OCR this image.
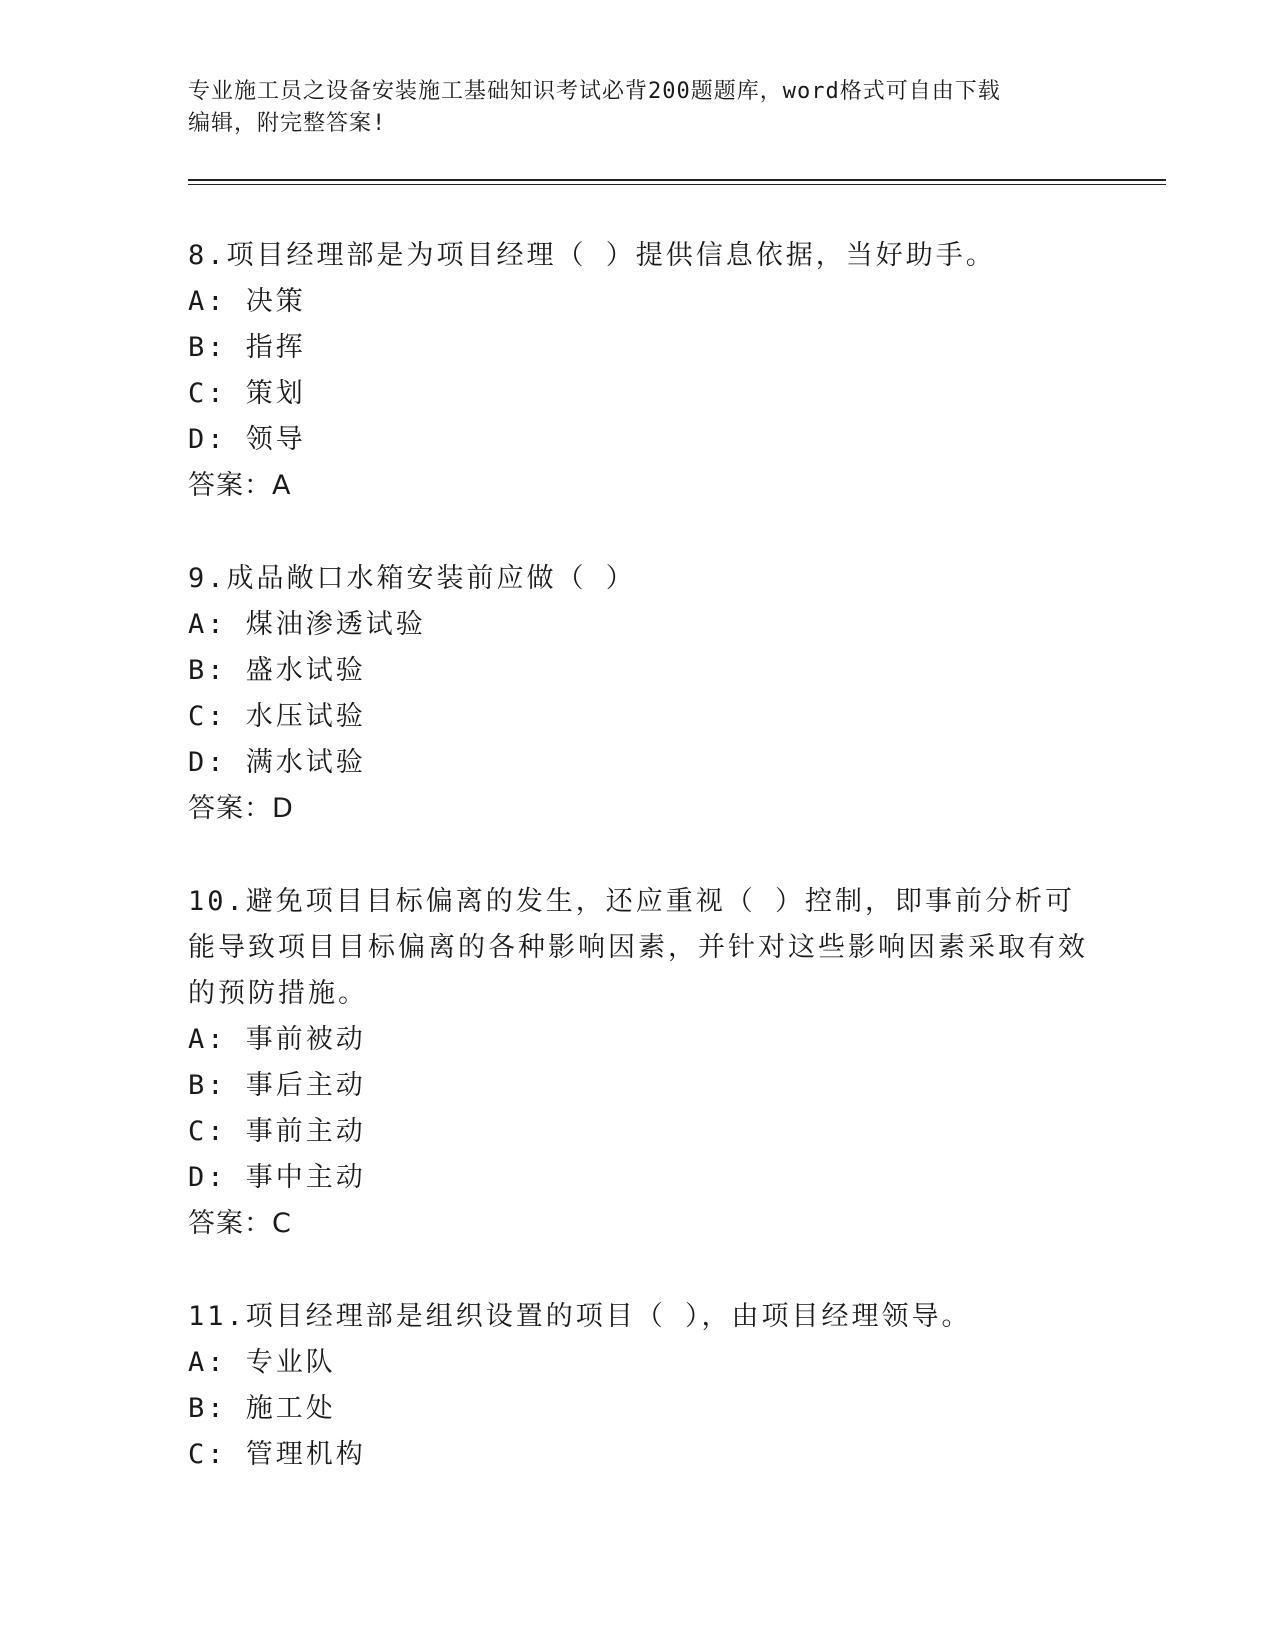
专业施工员之设备安装施工基础知识考试必背200题题库，word格式可自由下载
编辑，附完整答案!
8.项目经理部是为项目经理（ ）提供信息依据，当好助手。
A: 决策
B: 指挥
C: 策划
D: 领导
答案：A
9.成品敞口水箱安装前应做（ ）
A: 煤油渗透试验
B: 盛水试验
C: 水压试验
D: 满水试验
答案：D
10.避免项目目标偏离的发生，还应重视（ ）控制，即事前分析可能导致项目目标偏离的各种影响因素，并针对这些影响因素采取有效的预防措施。
A: 事前被动
B: 事后主动
C: 事前主动
D: 事中主动
答案：C
11.项目经理部是组织设置的项目（ ），由项目经理领导。
A: 专业队
B: 施工处
C: 管理机构
